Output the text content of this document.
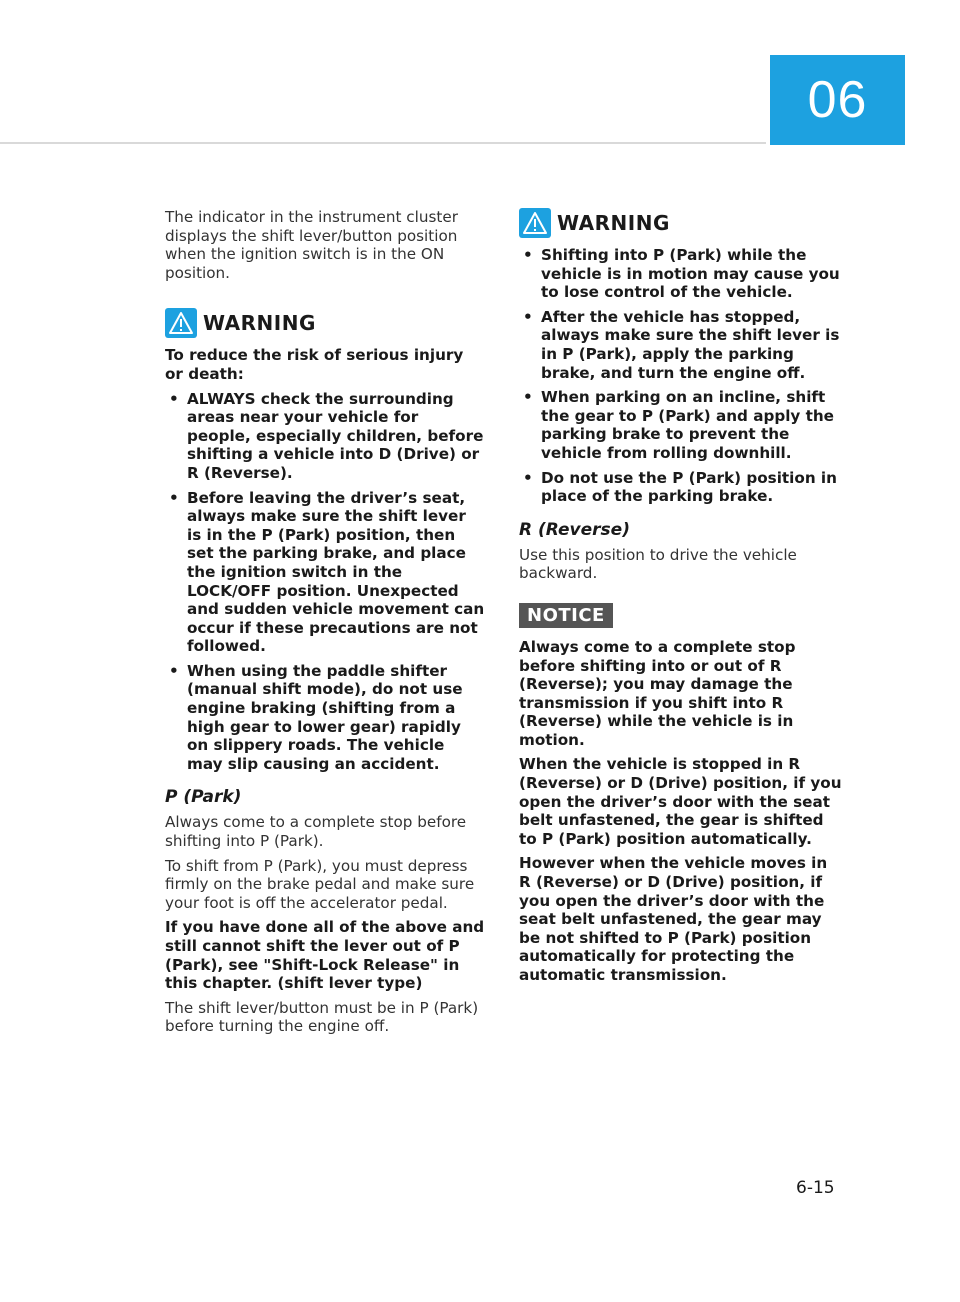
06

The indicator in the instrument cluster displays the shift lever/button position when the ignition switch is in the ON position.

WARNING

To reduce the risk of serious injury or death:

• ALWAYS check the surrounding areas near your vehicle for people, especially children, before shifting a vehicle into D (Drive) or R (Reverse).
• Before leaving the driver’s seat, always make sure the shift lever is in the P (Park) position, then set the parking brake, and place the ignition switch in the LOCK/OFF position. Unexpected and sudden vehicle movement can occur if these precautions are not followed.
• When using the paddle shifter (manual shift mode), do not use engine braking (shifting from a high gear to lower gear) rapidly on slippery roads. The vehicle may slip causing an accident.
P (Park)

Always come to a complete stop before shifting into P (Park).

To shift from P (Park), you must depress firmly on the brake pedal and make sure your foot is off the accelerator pedal.

If you have done all of the above and still cannot shift the lever out of P (Park), see "Shift-Lock Release" in this chapter. (shift lever type)

The shift lever/button must be in P (Park) before turning the engine off.

WARNING
• Shifting into P (Park) while the vehicle is in motion may cause you to lose control of the vehicle.
• After the vehicle has stopped, always make sure the shift lever is in P (Park), apply the parking brake, and turn the engine off.
• When parking on an incline, shift the gear to P (Park) and apply the parking brake to prevent the vehicle from rolling downhill.
• Do not use the P (Park) position in place of the parking brake.
R (Reverse)

Use this position to drive the vehicle backward.

NOTICE

Always come to a complete stop before shifting into or out of R (Reverse); you may damage the transmission if you shift into R (Reverse) while the vehicle is in motion.

When the vehicle is stopped in R (Reverse) or D (Drive) position, if you open the driver’s door with the seat belt unfastened, the gear is shifted to P (Park) position automatically.

However when the vehicle moves in R (Reverse) or D (Drive) position, if you open the driver’s door with the seat belt unfastened, the gear may be not shifted to P (Park) position automatically for protecting the automatic transmission.

6-15
